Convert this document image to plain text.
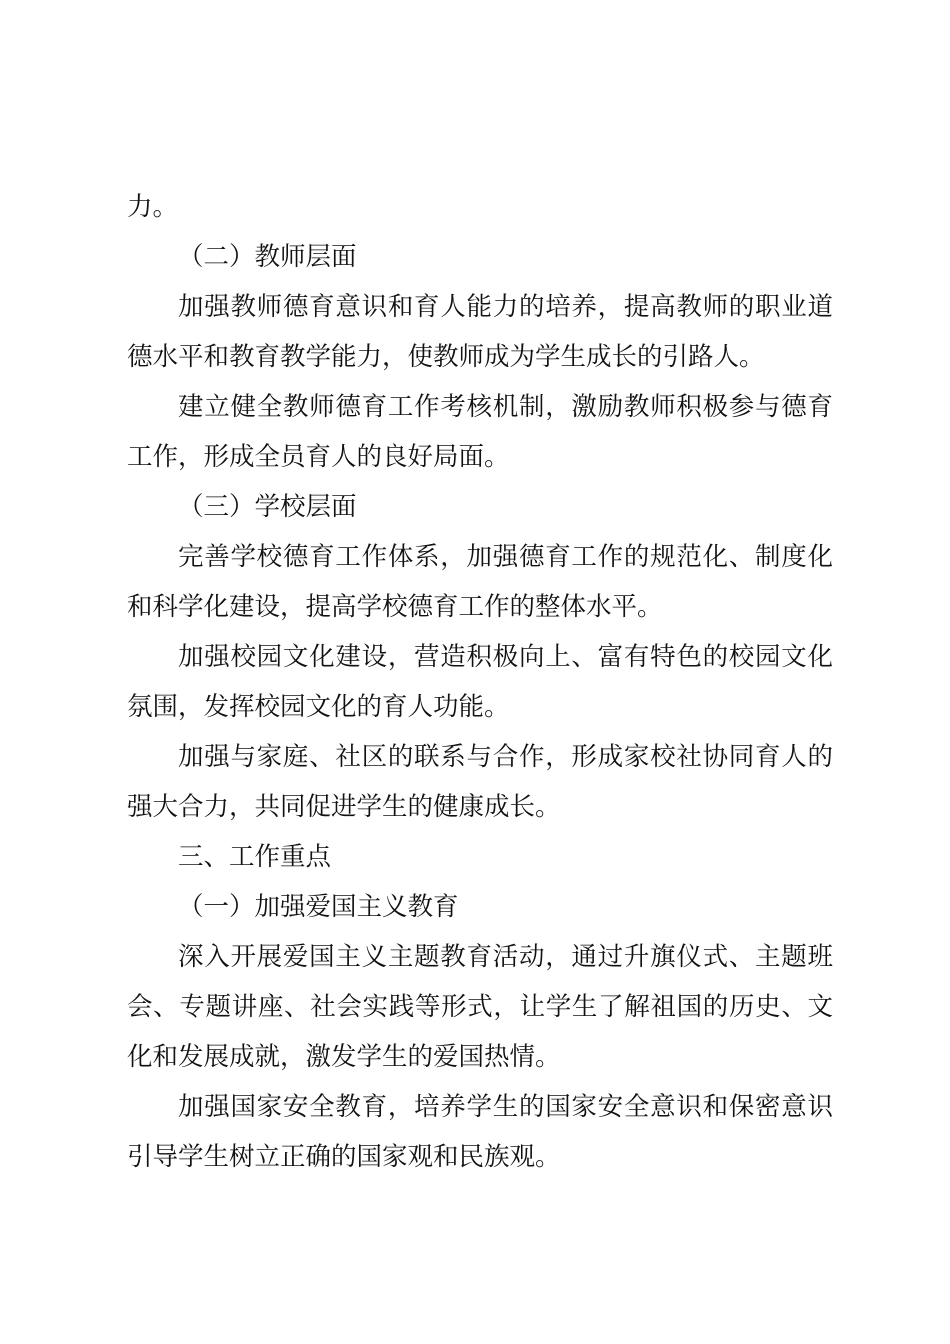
力。

（二）教师层面

加强教师德育意识和育人能力的培养，提高教师的职业道德水平和教育教学能力，使教师成为学生成长的引路人。

建立健全教师德育工作考核机制，激励教师积极参与德育工作，形成全员育人的良好局面。

（三）学校层面

完善学校德育工作体系，加强德育工作的规范化、制度化和科学化建设，提高学校德育工作的整体水平。

加强校园文化建设，营造积极向上、富有特色的校园文化氛围，发挥校园文化的育人功能。

加强与家庭、社区的联系与合作，形成家校社协同育人的强大合力，共同促进学生的健康成长。

三、工作重点

（一）加强爱国主义教育

深入开展爱国主义主题教育活动，通过升旗仪式、主题班会、专题讲座、社会实践等形式，让学生了解祖国的历史、文化和发展成就，激发学生的爱国热情。

加强国家安全教育，培养学生的国家安全意识和保密意识引导学生树立正确的国家观和民族观。
